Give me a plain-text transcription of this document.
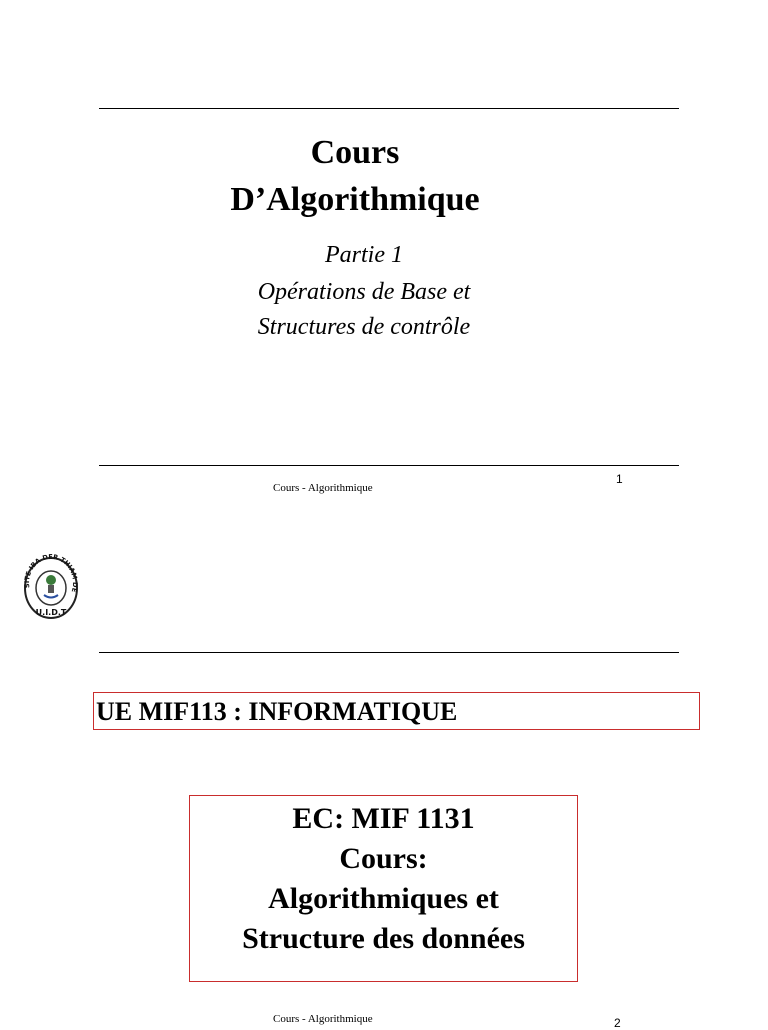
Cours
D’Algorithmique
Partie 1
Opérations de Base et
Structures de contrôle
Cours - Algorithmique
1
SITE IBA DER THIAM DE
U.I.D.T
UE MIF113 : INFORMATIQUE
EC: MIF 1131
Cours:
Algorithmiques et
Structure des données
Cours - Algorithmique	2
